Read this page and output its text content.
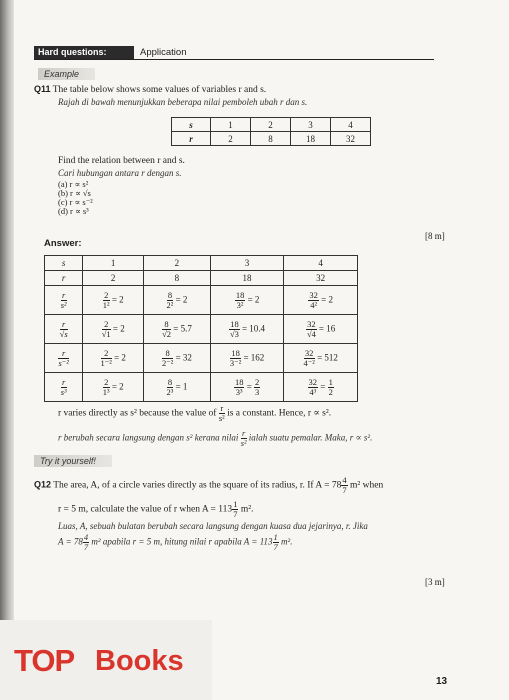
Hard questions:	Application
Example
Q11 The table below shows some values of variables r and s.
Rajah di bawah menunjukkan beberapa nilai pemboleh ubah r dan s.
s	1	2	3	4
r	2	8	18	32
Find the relation between r and s.
Cari hubungan antara r dengan s.
(a) r ∝ s²
(b) r ∝ √s
(c) r ∝ s⁻²
(d) r ∝ s³
[8 m]
Answer:
s	1	2	3	4
r	2	8	18	32
$\frac{r}{\text{s²}}$	$\frac{2}{\text{1²}} = 2$	$\frac{8}{\text{2²}} = 2$	$\frac{18}{\text{3²}} = 2$	$\frac{32}{\text{4²}} = 2$

$\frac{r}{√s}$	$\frac{2}{√1} = 2$	$\frac{8}{√2} = 5.7$	$\frac{18}{√3} = 10.4$	$\frac{32}{√4} = 16$

$\frac{r}{\text{s⁻²}}$	$\frac{2}{\text{1⁻²}} = 2$	$\frac{8}{\text{2⁻²}} = 32$	$\frac{18}{\text{3⁻²}} = 162$	$\frac{32}{\text{4⁻²}} = 512$

$\frac{r}{\text{s³}}$	$\frac{2}{\text{1³}} = 2$	$\frac{8}{\text{2³}} = 1$	$\frac{18}{\text{3³}} = \frac{2}{3}$	$\frac{32}{\text{4³}} = \frac{1}{2}$
r varies directly as s² because the value of $\frac{r}{\text{s²}}$ is a constant. Hence, r ∝ s².
r berubah secara langsung dengan s² kerana nilai $\frac{r}{\text{s²}}$ ialah suatu pemalar. Maka, r ∝ s².
Try it yourself!
Q12 The area, A, of a circle varies directly as the square of its radius, r. If $A = 78 \frac{4}{7} m^2$ when
r = 5 m, calculate the value of r when $A = 113 \frac{1}{7} m^2$.
Luas, A, sebuah bulatan berubah secara langsung dengan kuasa dua jejarinya, r. Jika
$A = 78 \frac{4}{7} m^2$ apabila r = 5 m, hitung nilai r apabila $A = 113 \frac{1}{7} m^2$.
[3 m]
13
TOP Books
